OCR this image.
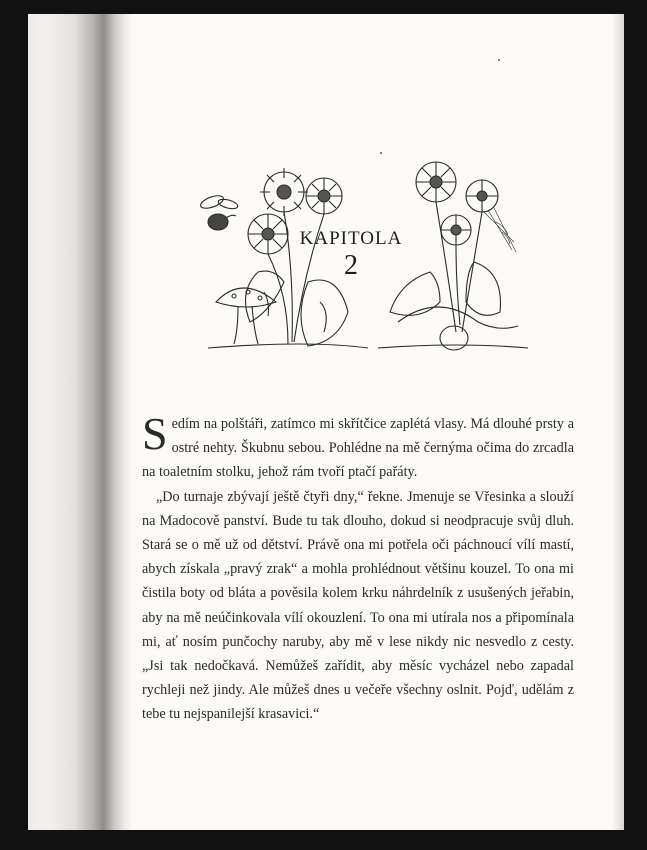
KAPITOLA
2

Sedím na polštáři, zatímco mi skřítčice zaplétá vlasy. Má dlouhé prsty a ostré nehty. Škubnu sebou. Pohlédne na mě černýma očima do zrcadla na toaletním stolku, jehož rám tvoří ptačí pařáty.

„Do turnaje zbývají ještě čtyři dny,“ řekne. Jmenuje se Vřesinka a slouží na Madocově panství. Bude tu tak dlouho, dokud si neodpracuje svůj dluh. Stará se o mě už od dětství. Právě ona mi potřela oči páchnoucí vílí mastí, abych získala „pravý zrak“ a mohla prohlédnout většinu kouzel. To ona mi čistila boty od bláta a pověsila kolem krku náhrdelník z usušených jeřabin, aby na mě neúčinkovala vílí okouzlení. To ona mi utírala nos a připomínala mi, ať nosím punčochy naruby, aby mě v lese nikdy nic nesvedlo z cesty. „Jsi tak nedočkavá. Nemůžeš zařídit, aby měsíc vycházel nebo zapadal rychleji než jindy. Ale můžeš dnes u večeře všechny oslnit. Pojď, udělám z tebe tu nejspanilejší krasavici.“
